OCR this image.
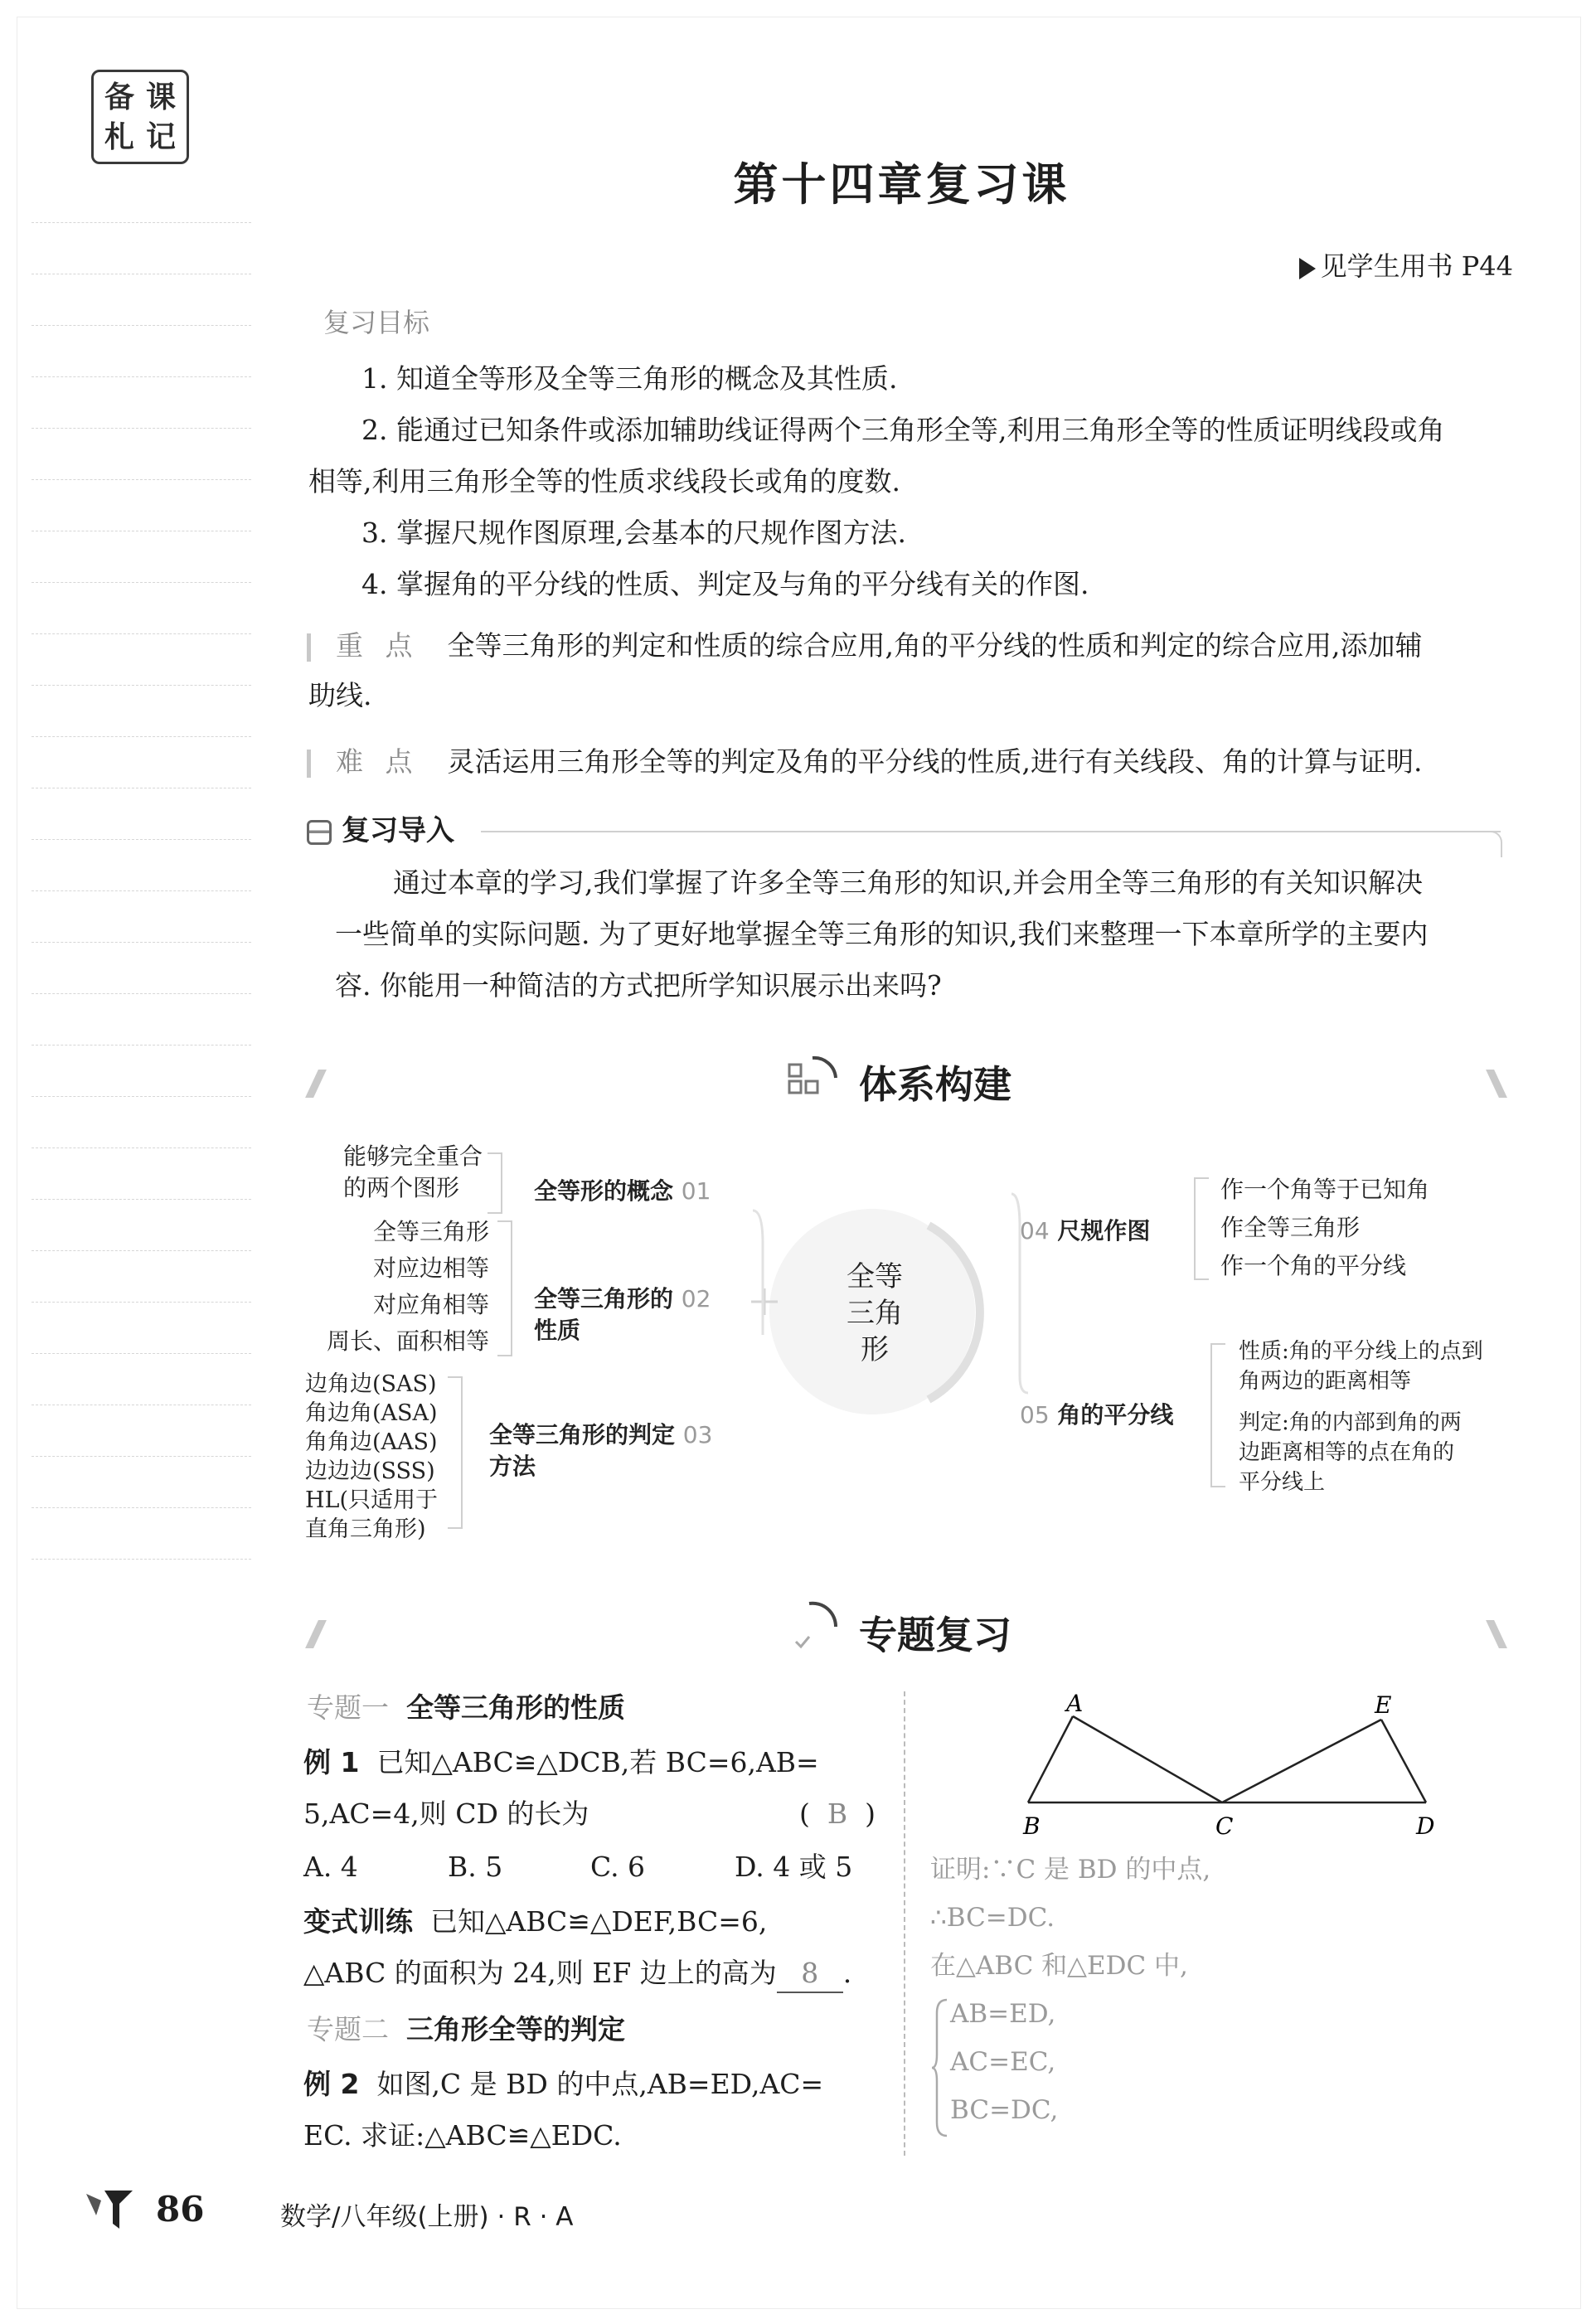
备 课
札 记
第十四章复习课
见学生用书 P44
复习目标
1. 知道全等形及全等三角形的概念及其性质.
2. 能通过已知条件或添加辅助线证得两个三角形全等,利用三角形全等的性质证明线段或角
相等,利用三角形全等的性质求线段长或角的度数.
3. 掌握尺规作图原理,会基本的尺规作图方法.
4. 掌握角的平分线的性质、判定及与角的平分线有关的作图.
重 点 全等三角形的判定和性质的综合应用,角的平分线的性质和判定的综合应用,添加辅
助线.
难 点 灵活运用三角形全等的判定及角的平分线的性质,进行有关线段、角的计算与证明.
复习导入
通过本章的学习,我们掌握了许多全等三角形的知识,并会用全等三角形的有关知识解决
一些简单的实际问题. 为了更好地掌握全等三角形的知识,我们来整理一下本章所学的主要内
容. 你能用一种简洁的方式把所学知识展示出来吗?
体系构建
全等
三角形
能够完全重合
的两个图形	全等形的概念 01
全等三角形
对应边相等
对应角相等
周长、面积相等
全等三角形的 02
性质
边角边(SAS)
角边角(ASA)
角角边(AAS)
边边边(SSS)
HL(只适用于
直角三角形)
全等三角形的判定 03
方法
04 尺规作图
作一个角等于已知角
作全等三角形
作一个角的平分线
05 角的平分线
性质:角的平分线上的点到
角两边的距离相等
判定:角的内部到角的两
边距离相等的点在角的
平分线上
专题复习
专题一 全等三角形的性质
例 1 已知△ABC≌△DCB,若 BC=6,AB=
5,AC=4,则 CD 的长为	( B )
A. 4	B. 5	C. 6	D. 4 或 5
变式训练 已知△ABC≌△DEF,BC=6,
△ABC 的面积为 24,则 EF 边上的高为 8 .
专题二 三角形全等的判定
例 2 如图,C 是 BD 的中点,AB=ED,AC=
EC. 求证:△ABC≌△EDC.
A
B	C	D
E
证明:∵C 是 BD 的中点,
∴BC=DC.
在△ABC 和△EDC 中,
AB=ED,
AC=EC,
BC=DC,
86	数学/八年级(上册) · R · A
